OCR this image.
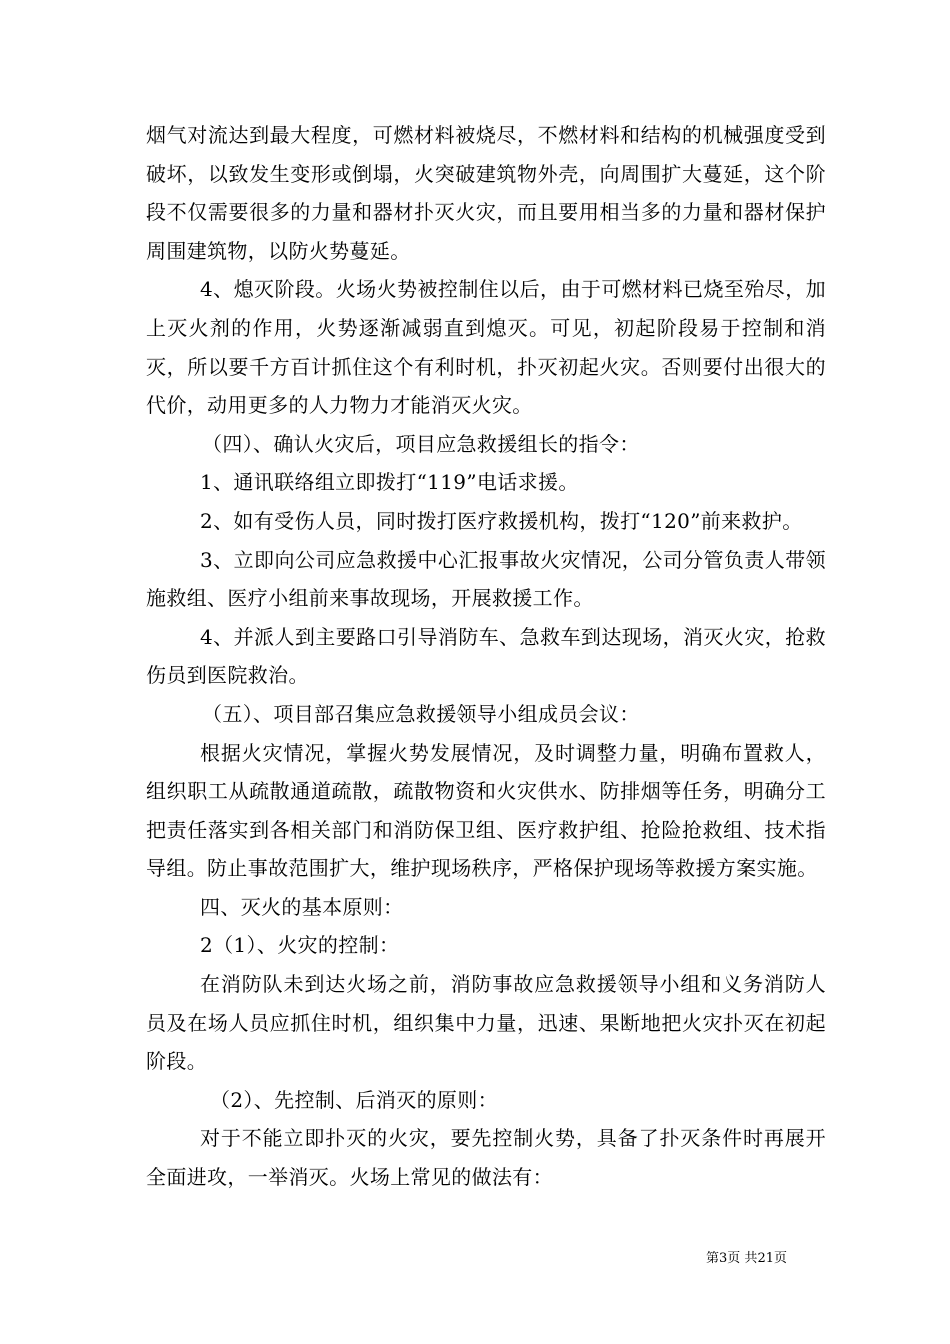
烟气对流达到最大程度，可燃材料被烧尽，不燃材料和结构的机械强度受到破坏，以致发生变形或倒塌，火突破建筑物外壳，向周围扩大蔓延，这个阶段不仅需要很多的力量和器材扑灭火灾，而且要用相当多的力量和器材保护周围建筑物，以防火势蔓延。

4、熄灭阶段。火场火势被控制住以后，由于可燃材料已烧至殆尽，加上灭火剂的作用，火势逐渐减弱直到熄灭。可见，初起阶段易于控制和消灭，所以要千方百计抓住这个有利时机，扑灭初起火灾。否则要付出很大的代价，动用更多的人力物力才能消灭火灾。

（四）、确认火灾后，项目应急救援组长的指令：

1、通讯联络组立即拨打“119”电话求援。

2、如有受伤人员，同时拨打医疗救援机构，拨打“120”前来救护。

3、立即向公司应急救援中心汇报事故火灾情况，公司分管负责人带领施救组、医疗小组前来事故现场，开展救援工作。

4、并派人到主要路口引导消防车、急救车到达现场，消灭火灾，抢救伤员到医院救治。

（五）、项目部召集应急救援领导小组成员会议：

根据火灾情况，掌握火势发展情况，及时调整力量，明确布置救人，组织职工从疏散通道疏散，疏散物资和火灾供水、防排烟等任务，明确分工把责任落实到各相关部门和消防保卫组、医疗救护组、抢险抢救组、技术指导组。防止事故范围扩大，维护现场秩序，严格保护现场等救援方案实施。

四、灭火的基本原则：

2（1）、火灾的控制：

在消防队未到达火场之前，消防事故应急救援领导小组和义务消防人员及在场人员应抓住时机，组织集中力量，迅速、果断地把火灾扑灭在初起阶段。

（2）、先控制、后消灭的原则：

对于不能立即扑灭的火灾，要先控制火势，具备了扑灭条件时再展开全面进攻，一举消灭。火场上常见的做法有：

第3页 共21页
